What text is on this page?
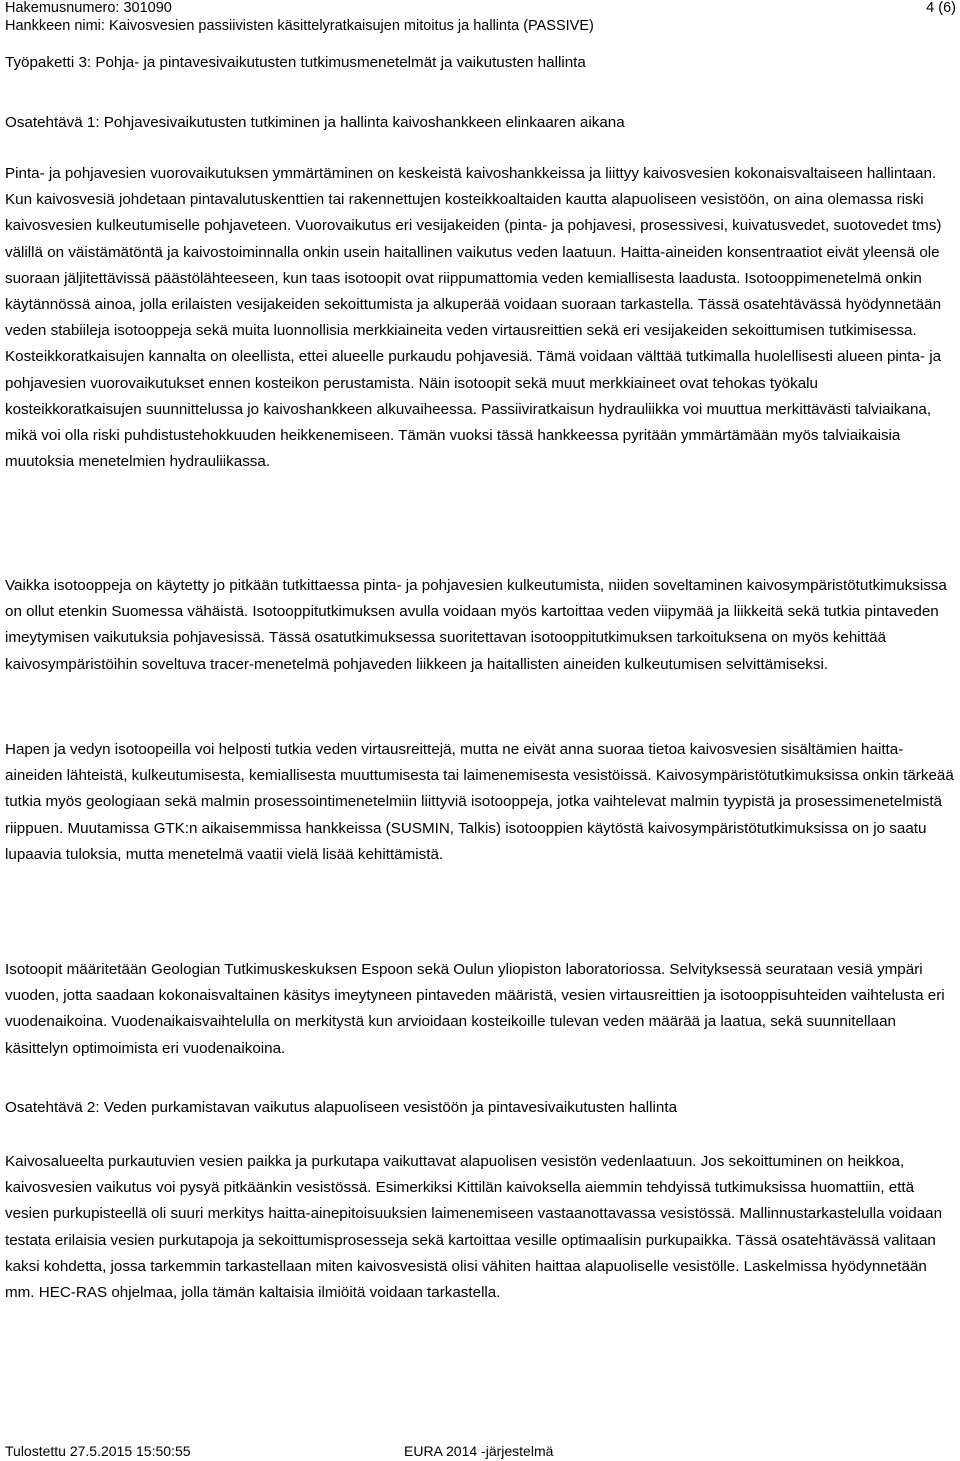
Hakemusnumero: 301090
Hankkeen nimi: Kaivosvesien passiivisten käsittelyratkaisujen mitoitus ja hallinta (PASSIVE)
4 (6)
Työpaketti 3: Pohja- ja pintavesivaikutusten tutkimusmenetelmät ja vaikutusten hallinta
Osatehtävä 1: Pohjavesivaikutusten tutkiminen ja hallinta kaivoshankkeen elinkaaren aikana

Pinta- ja pohjavesien vuorovaikutuksen ymmärtäminen on keskeistä kaivoshankkeissa ja liittyy kaivosvesien kokonaisvaltaiseen hallintaan. Kun kaivosvesiä johdetaan pintavalutuskenttien tai rakennettujen kosteikkoaltaiden kautta alapuoliseen vesistöön, on aina olemassa riski kaivosvesien kulkeutumiselle pohjaveteen. Vuorovaikutus eri vesijakeiden (pinta- ja pohjavesi, prosessivesi, kuivatusvedet, suotovedet tms) välillä on väistämätöntä ja kaivostoiminnalla onkin usein haitallinen vaikutus veden laatuun. Haitta-aineiden konsentraatiot eivät yleensä ole suoraan jäljitettävissä päästölähteeseen, kun taas isotoopit ovat riippumattomia veden kemiallisesta laadusta. Isotooppimenetelmä onkin käytännössä ainoa, jolla erilaisten vesijakeiden sekoittumista ja alkuperää voidaan suoraan tarkastella. Tässä osatehtävässä hyödynnetään veden stabiileja isotooppeja sekä muita luonnollisia merkkiaineita veden virtausreittien sekä eri vesijakeiden sekoittumisen tutkimisessa. Kosteikkoratkaisujen kannalta on oleellista, ettei alueelle purkaudu pohjavesiä. Tämä voidaan välttää tutkimalla huolellisesti alueen pinta- ja pohjavesien vuorovaikutukset ennen kosteikon perustamista. Näin isotoopit sekä muut merkkiaineet ovat tehokas työkalu kosteikkoratkaisujen suunnittelussa jo kaivoshankkeen alkuvaiheessa. Passiiviratkaisun hydrauliikka voi muuttua merkittävästi talviaikana, mikä voi olla riski puhdistustehokkuuden heikkenemiseen. Tämän vuoksi tässä hankkeessa pyritään ymmärtämään myös talviaikaisia muutoksia menetelmien hydrauliikassa.

Vaikka isotooppeja on käytetty jo pitkään tutkittaessa pinta- ja pohjavesien kulkeutumista, niiden soveltaminen kaivosympäristötutkimuksissa on ollut etenkin Suomessa vähäistä. Isotooppitutkimuksen avulla voidaan myös kartoittaa veden viipymää ja liikkeitä sekä tutkia pintaveden imeytymisen vaikutuksia pohjavesissä. Tässä osatutkimuksessa suoritettavan isotooppitutkimuksen tarkoituksena on myös kehittää kaivosympäristöihin soveltuva tracer-menetelmä pohjaveden liikkeen ja haitallisten aineiden kulkeutumisen selvittämiseksi.

Hapen ja vedyn isotoopeilla voi helposti tutkia veden virtausreittejä, mutta ne eivät anna suoraa tietoa kaivosvesien sisältämien haitta-aineiden lähteistä, kulkeutumisesta, kemiallisesta muuttumisesta tai laimenemisesta vesistöissä. Kaivosympäristötutkimuksissa onkin tärkeää tutkia myös geologiaan sekä malmin prosessointimenetelmiin liittyviä isotooppeja, jotka vaihtelevat malmin tyypistä ja prosessimenetelmistä riippuen. Muutamissa GTK:n aikaisemmissa hankkeissa (SUSMIN, Talkis) isotooppien käytöstä kaivosympäristötutkimuksissa on jo saatu lupaavia tuloksia, mutta menetelmä vaatii vielä lisää kehittämistä.

Isotoopit määritetään Geologian Tutkimuskeskuksen Espoon sekä Oulun yliopiston laboratoriossa. Selvityksessä seurataan vesiä ympäri vuoden, jotta saadaan kokonaisvaltainen käsitys imeytyneen pintaveden määristä, vesien virtausreittien ja isotooppisuhteiden vaihtelusta eri vuodenaikoina. Vuodenaikaisvaihtelulla on merkitystä kun arvioidaan kosteikoille tulevan veden määrää ja laatua, sekä suunnitellaan käsittelyn optimoimista eri vuodenaikoina.

Osatehtävä 2: Veden purkamistavan vaikutus alapuoliseen vesistöön ja pintavesivaikutusten hallinta

Kaivosalueelta purkautuvien vesien paikka ja purkutapa vaikuttavat alapuolisen vesistön vedenlaatuun. Jos sekoittuminen on heikkoa, kaivosvesien vaikutus voi pysyä pitkäänkin vesistössä. Esimerkiksi Kittilän kaivoksella aiemmin tehdyissä tutkimuksissa huomattiin, että vesien purkupisteellä oli suuri merkitys haitta-ainepitoisuuksien laimenemiseen vastaanottavassa vesistössä. Mallinnustarkastelulla voidaan testata erilaisia vesien purkutapoja ja sekoittumisprosesseja sekä kartoittaa vesille optimaalisin purkupaikka. Tässä osatehtävässä valitaan kaksi kohdetta, jossa tarkemmin tarkastellaan miten kaivosvesistä olisi vähiten haittaa alapuoliselle vesistölle. Laskelmissa hyödynnetään mm. HEC-RAS ohjelmaa, jolla tämän kaltaisia ilmiöitä voidaan tarkastella.

Tulostettu 27.5.2015 15:50:55	EURA 2014 -järjestelmä
